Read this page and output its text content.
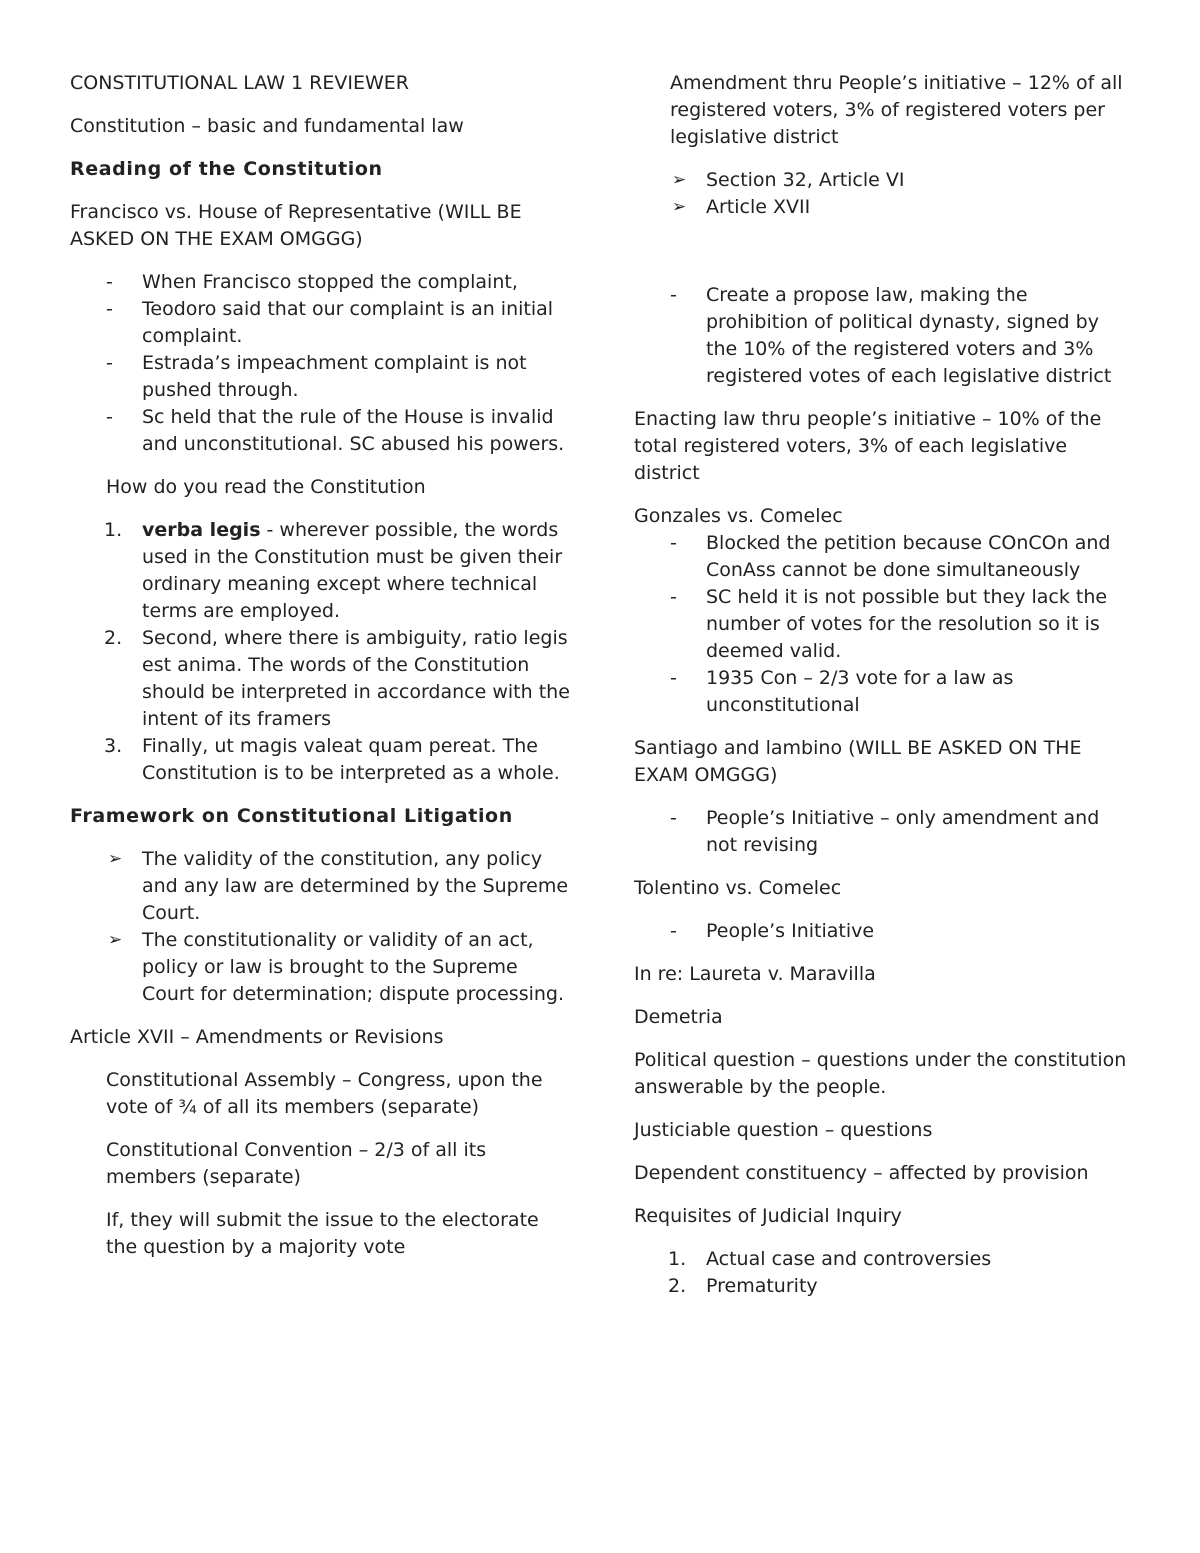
CONSTITUTIONAL LAW 1 REVIEWER

Constitution – basic and fundamental law

Reading of the Constitution

Francisco vs. House of Representative (WILL BE ASKED ON THE EXAM OMGGG)

- When Francisco stopped the complaint,
- Teodoro said that our complaint is an initial complaint.
- Estrada’s impeachment complaint is not pushed through.
- Sc held that the rule of the House is invalid and unconstitutional. SC abused his powers.

How do you read the Constitution

1. verba legis - wherever possible, the words used in the Constitution must be given their ordinary meaning except where technical terms are employed.
2. Second, where there is ambiguity, ratio legis est anima. The words of the Constitution should be interpreted in accordance with the intent of its framers
3. Finally, ut magis valeat quam pereat. The Constitution is to be interpreted as a whole.
Framework on Constitutional Litigation
➢ The validity of the constitution, any policy and any law are determined by the Supreme Court.
➢ The constitutionality or validity of an act, policy or law is brought to the Supreme Court for determination; dispute processing.

Article XVII – Amendments or Revisions

Constitutional Assembly – Congress, upon the vote of ¾ of all its members (separate)

Constitutional Convention – 2/3 of all its members (separate)

If, they will submit the issue to the electorate the question by a majority vote

Amendment thru People’s initiative – 12% of all registered voters, 3% of registered voters per legislative district

➢ Section 32, Article VI
➢ Article XVII
- Create a propose law, making the prohibition of political dynasty, signed by the 10% of the registered voters and 3% registered votes of each legislative district

Enacting law thru people’s initiative – 10% of the total registered voters, 3% of each legislative district

Gonzales vs. Comelec

- Blocked the petition because COnCOn and ConAss cannot be done simultaneously
- SC held it is not possible but they lack the number of votes for the resolution so it is deemed valid.
- 1935 Con – 2/3 vote for a law as unconstitutional

Santiago and lambino (WILL BE ASKED ON THE EXAM OMGGG)

- People’s Initiative – only amendment and not revising

Tolentino vs. Comelec

- People’s Initiative

In re: Laureta v. Maravilla

Demetria

Political question – questions under the constitution answerable by the people.

Justiciable question – questions

Dependent constituency – affected by provision

Requisites of Judicial Inquiry

1. Actual case and controversies
2. Prematurity
